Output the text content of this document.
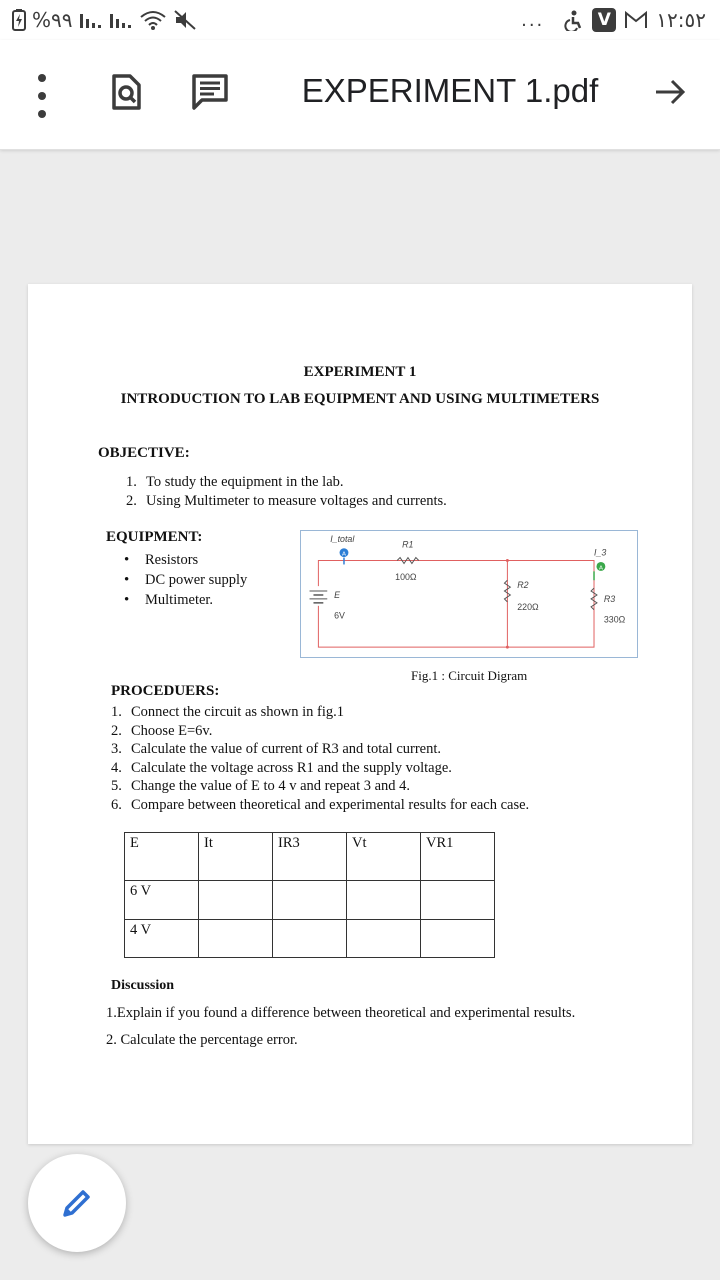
%٩٩	...	V ١٢:٥٢
EXPERIMENT 1.pdf
EXPERIMENT 1
INTRODUCTION TO LAB EQUIPMENT AND USING MULTIMETERS
OBJECTIVE:
1. To study the equipment in the lab.
2. Using Multimeter to measure voltages and currents.
EQUIPMENT:
• Resistors
• DC power supply
• Multimeter.
R1
100Ω
R2
220Ω
R3
330Ω
A
I_total
A
I_3
E
6V
Fig.1 : Circuit Digram
PROCEDUERS:
1. Connect the circuit as shown in fig.1
2. Choose E=6v.
3. Calculate the value of current of R3 and total current.
4. Calculate the voltage across R1 and the supply voltage.
5. Change the value of E to 4 v and repeat 3 and 4.
6. Compare between theoretical and experimental results for each case.
E	It	IR3	Vt	VR1
6 V				
4 V				
Discussion
1.Explain if you found a difference between theoretical and experimental results.
2. Calculate the percentage error.
